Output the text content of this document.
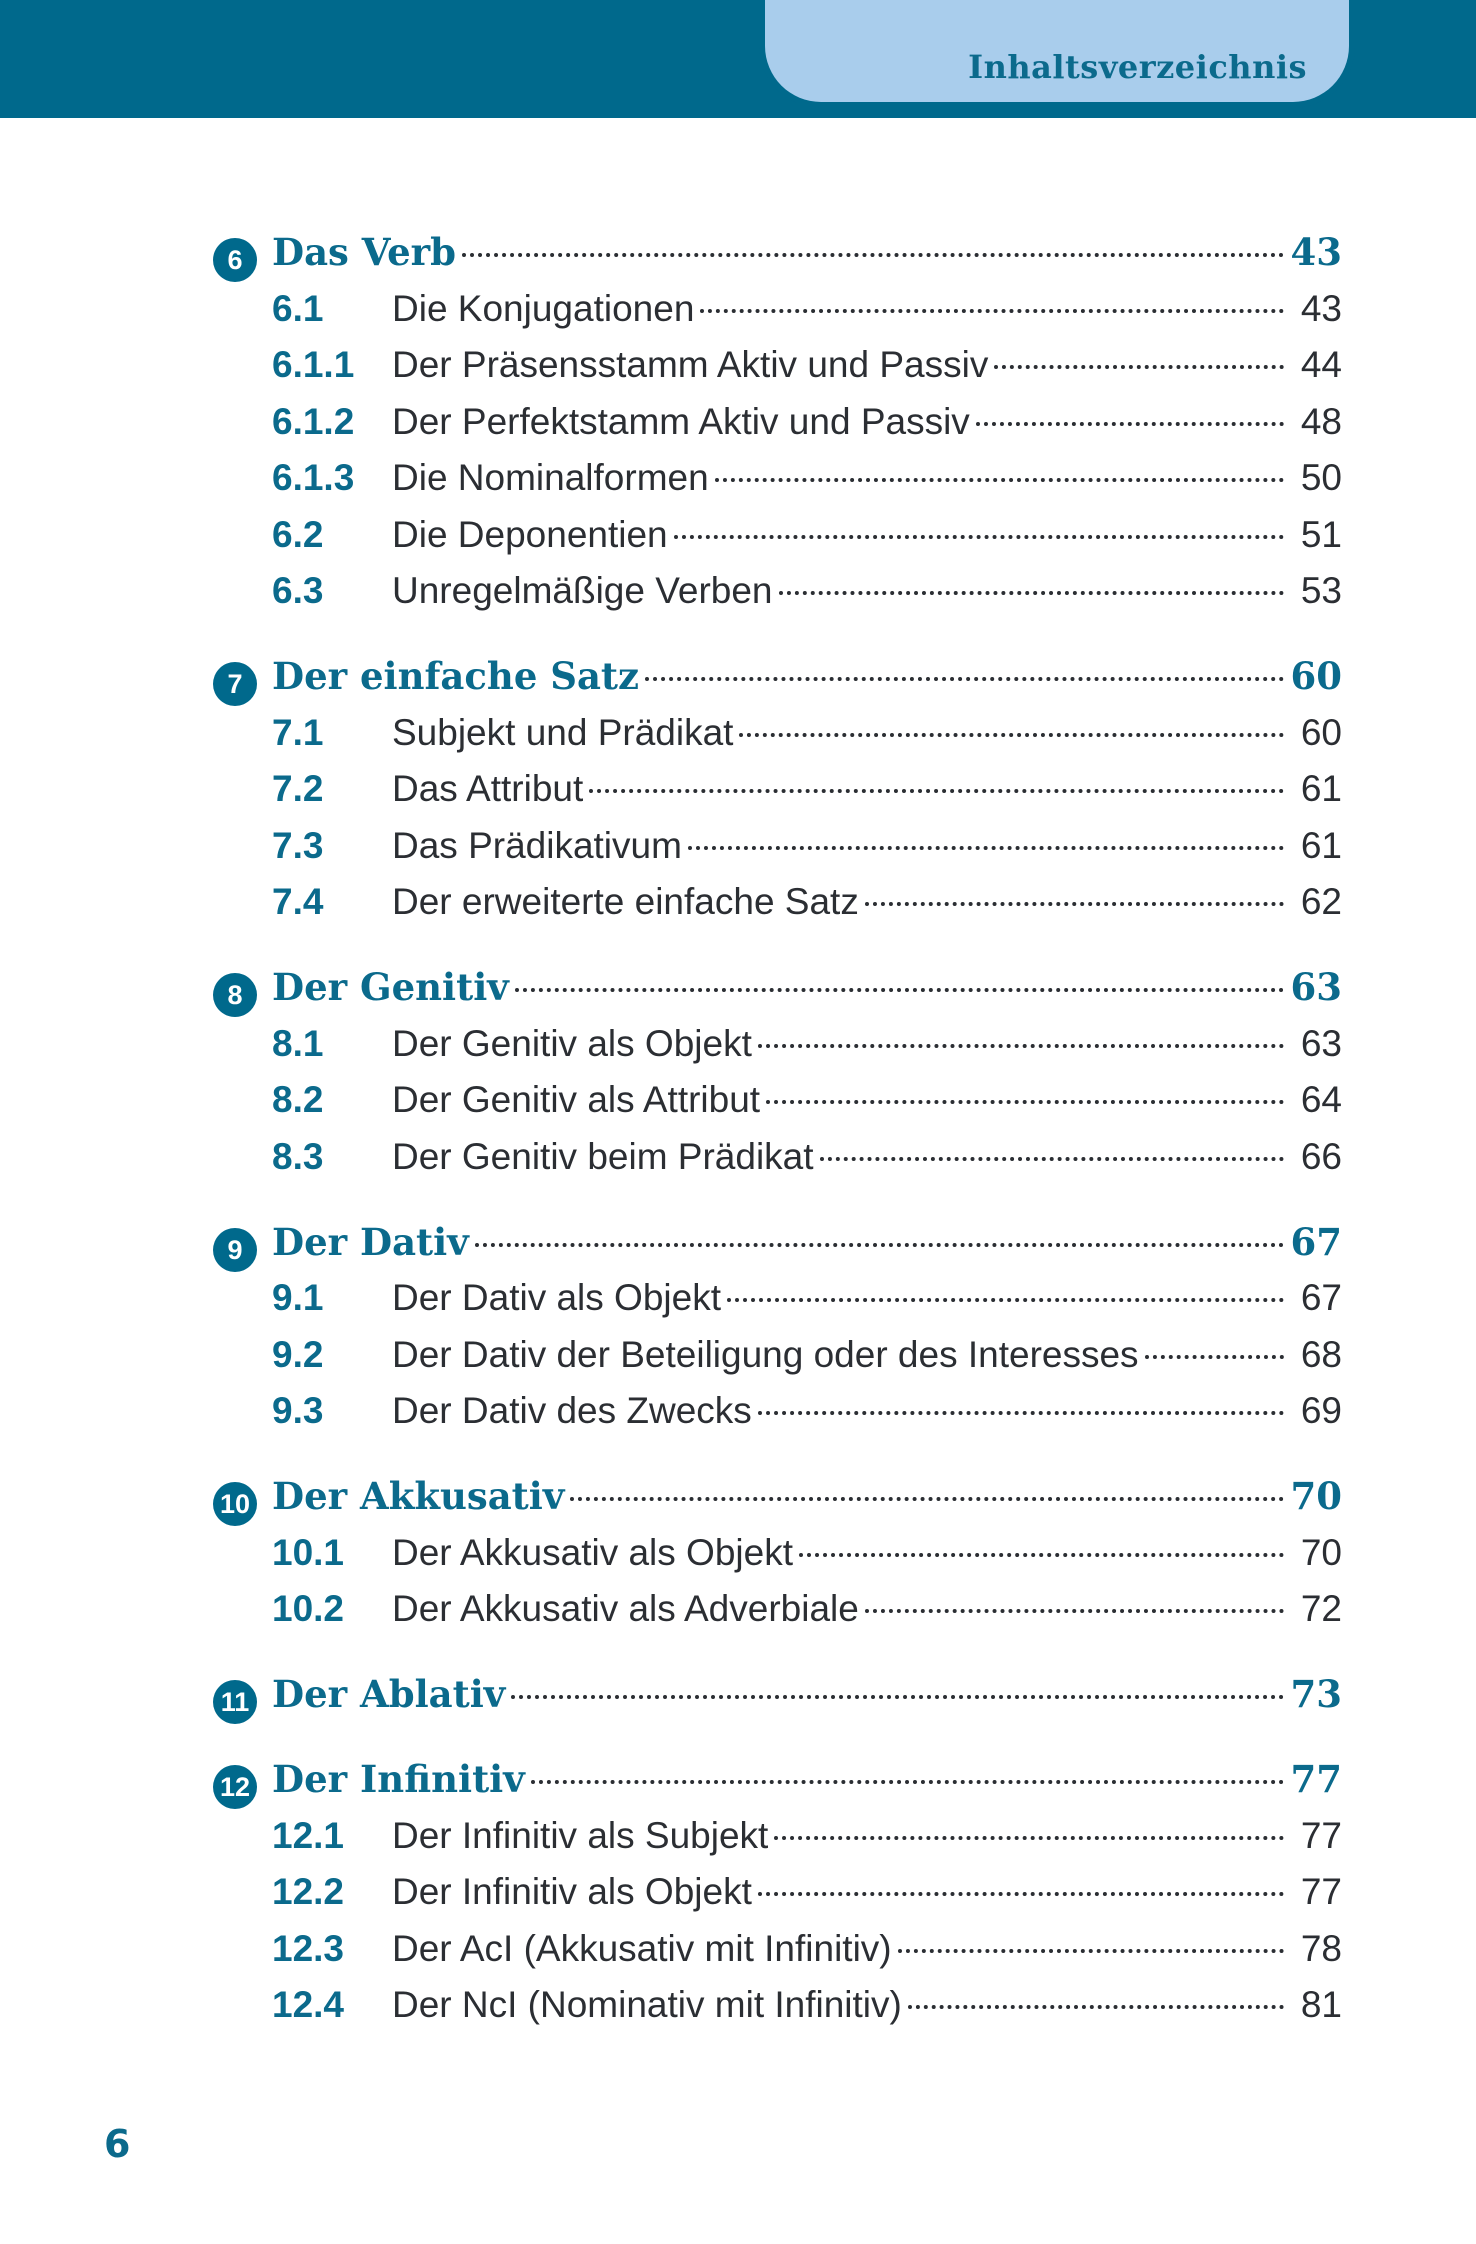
Inhaltsverzeichnis
6 Das Verb	43
6.1	Die Konjugationen	43
6.1.1	Der Präsensstamm Aktiv und Passiv	44
6.1.2	Der Perfektstamm Aktiv und Passiv	48
6.1.3	Die Nominalformen	50
6.2	Die Deponentien	51
6.3	Unregelmäßige Verben	53
7 Der einfache Satz	60
7.1	Subjekt und Prädikat	60
7.2	Das Attribut	61
7.3	Das Prädikativum	61
7.4	Der erweiterte einfache Satz	62
8 Der Genitiv	63
8.1	Der Genitiv als Objekt	63
8.2	Der Genitiv als Attribut	64
8.3	Der Genitiv beim Prädikat	66
9 Der Dativ	67
9.1	Der Dativ als Objekt	67
9.2	Der Dativ der Beteiligung oder des Interesses	68
9.3	Der Dativ des Zwecks	69
10 Der Akkusativ	70
10.1	Der Akkusativ als Objekt	70
10.2	Der Akkusativ als Adverbiale	72
11 Der Ablativ	73
12 Der Infinitiv	77
12.1	Der Infinitiv als Subjekt	77
12.2	Der Infinitiv als Objekt	77
12.3	Der AcI (Akkusativ mit Infinitiv)	78
12.4	Der NcI (Nominativ mit Infinitiv)	81
6
